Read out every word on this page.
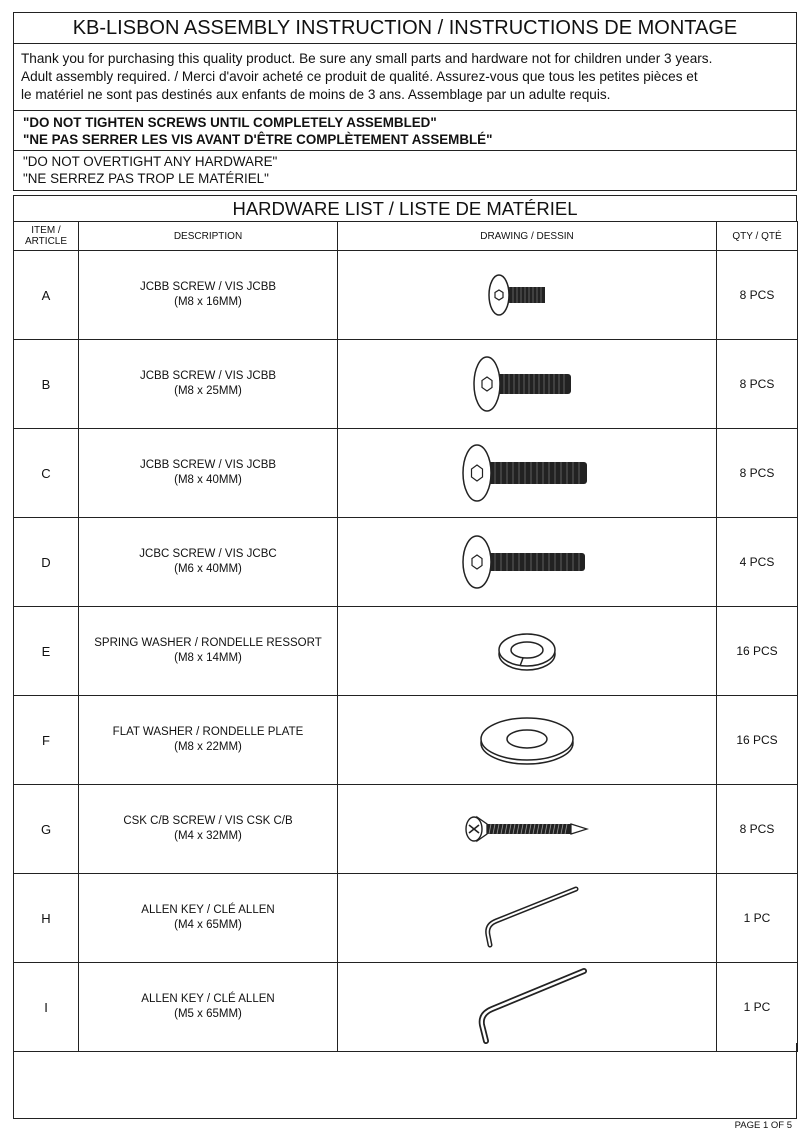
KB-LISBON ASSEMBLY INSTRUCTION / INSTRUCTIONS DE MONTAGE
Thank you for purchasing this quality product. Be sure any small parts and hardware not for children under 3 years.
Adult assembly required. / Merci d'avoir acheté ce produit de qualité. Assurez-vous que tous les petites pièces et
le matériel ne sont pas destinés aux enfants de moins de 3 ans. Assemblage par un adulte requis.
"DO NOT TIGHTEN SCREWS UNTIL COMPLETELY ASSEMBLED"
"NE PAS SERRER LES VIS AVANT D'ÊTRE COMPLÈTEMENT ASSEMBLÉ"
"DO NOT OVERTIGHT ANY HARDWARE"
"NE SERREZ PAS TROP LE MATÉRIEL"
HARDWARE LIST / LISTE DE MATÉRIEL
ITEM /
ARTICLE	DESCRIPTION	DRAWING / DESSIN	QTY / QTÉ
A	JCBB SCREW / VIS JCBB
(M8 x 16MM)		8 PCS
B	JCBB SCREW / VIS JCBB
(M8 x 25MM)		8 PCS
C	JCBB SCREW / VIS JCBB
(M8 x 40MM)		8 PCS
D	JCBC SCREW / VIS JCBC
(M6 x 40MM)		4 PCS
E	SPRING WASHER / RONDELLE RESSORT
(M8 x 14MM)		16 PCS
F	FLAT WASHER / RONDELLE PLATE
(M8 x 22MM)		16 PCS
G	CSK C/B SCREW / VIS CSK C/B
(M4 x 32MM)		8 PCS
H	ALLEN KEY / CLÉ ALLEN
(M4 x 65MM)		1 PC
I	ALLEN KEY / CLÉ ALLEN
(M5 x 65MM)		1 PC
PAGE 1 OF 5
